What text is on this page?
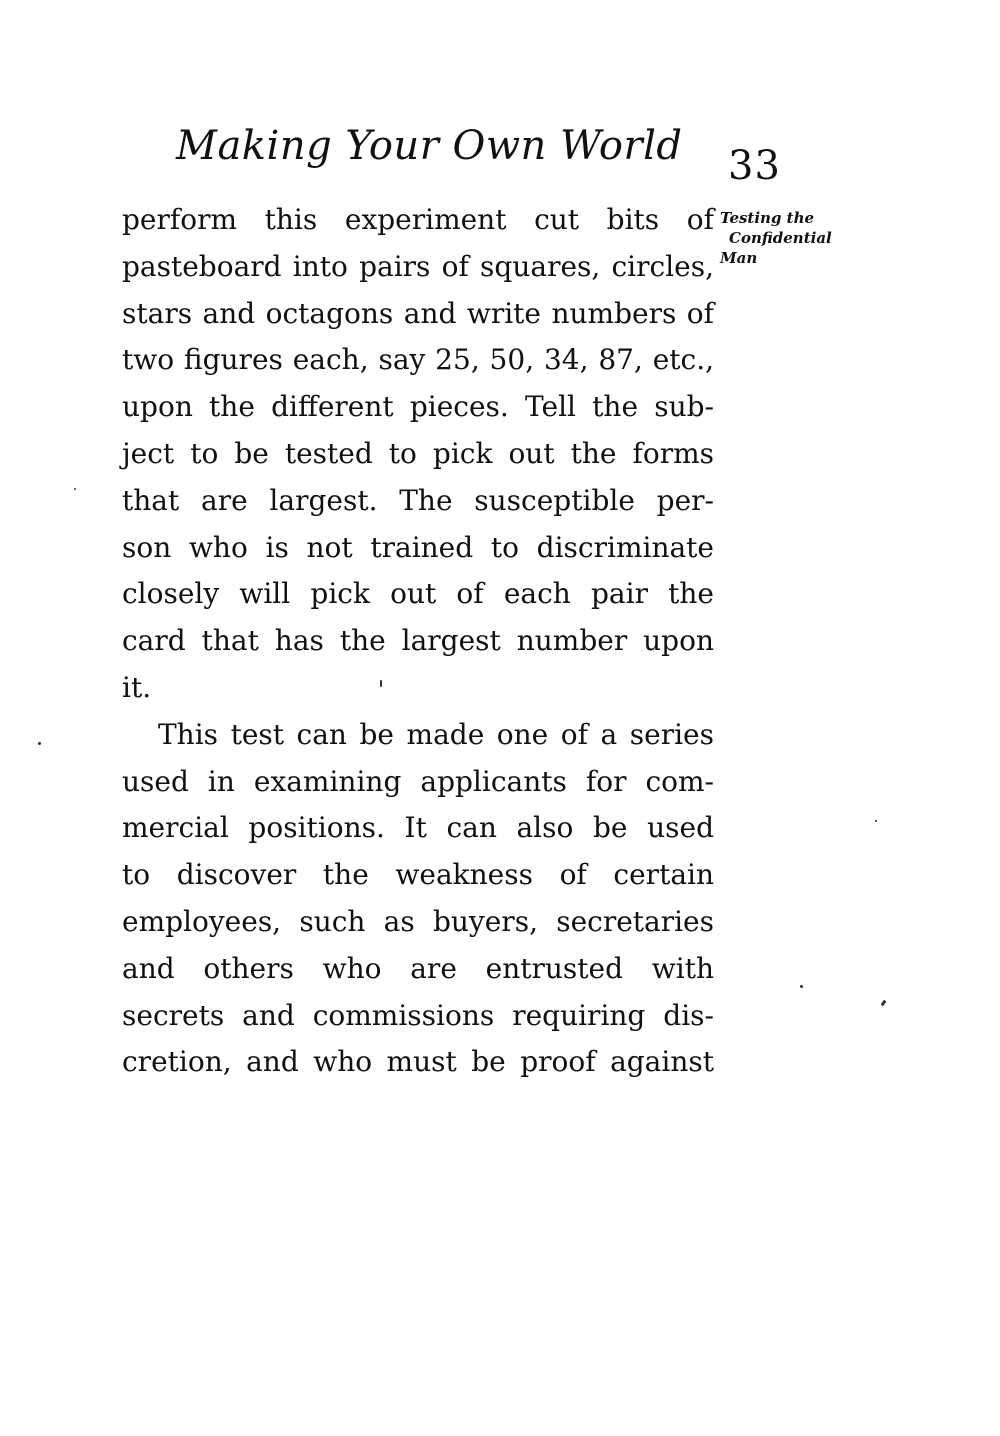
Making Your Own World 33
Testing the
Confidential
Man
perform this experiment cut bits of
pasteboard into pairs of squares, circles,
stars and octagons and write numbers of
two figures each, say 25, 50, 34, 87, etc.,
upon the different pieces. Tell the sub-
ject to be tested to pick out the forms
that are largest. The susceptible per-
son who is not trained to discriminate
closely will pick out of each pair the
card that has the largest number upon
it.
This test can be made one of a series
used in examining applicants for com-
mercial positions. It can also be used
to discover the weakness of certain
employees, such as buyers, secretaries
and others who are entrusted with
secrets and commissions requiring dis-
cretion, and who must be proof against
